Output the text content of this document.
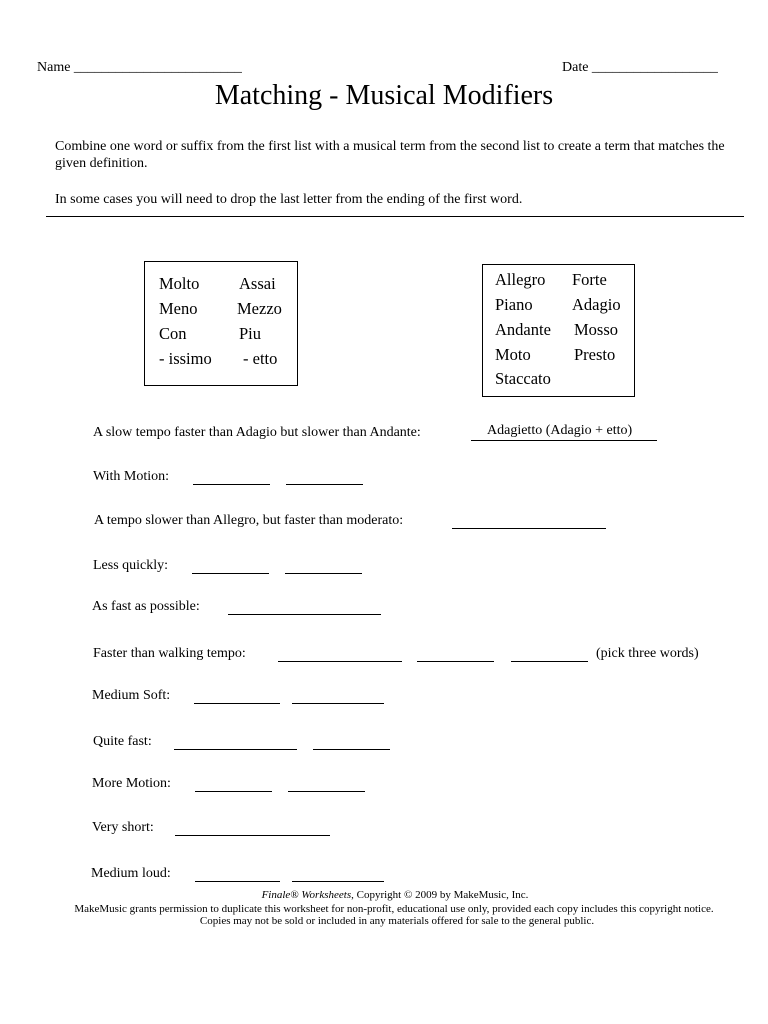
Name ________________________	Date __________________
Matching - Musical Modifiers
Combine one word or suffix from the first list with a musical term from the second list to create a term that matches the given definition.
In some cases you will need to drop the last letter from the ending of the first word.
Molto Assai
Meno Mezzo
Con	Piu
- issimo - etto
Allegro Forte
Piano Adagio
Andante Mosso
Moto	Presto
Staccato
A slow tempo faster than Adagio but slower than Andante:	Adagietto (Adagio + etto)
With Motion:
A tempo slower than Allegro, but faster than moderato:
Less quickly:
As fast as possible:
Faster than walking tempo:	(pick three words)
Medium Soft:
Quite fast:
More Motion:
Very short:
Medium loud:
Finale® Worksheets, Copyright © 2009 by MakeMusic, Inc.
MakeMusic grants permission to duplicate this worksheet for non-profit, educational use only, provided each copy includes this copyright notice.
Copies may not be sold or included in any materials offered for sale to the general public.
